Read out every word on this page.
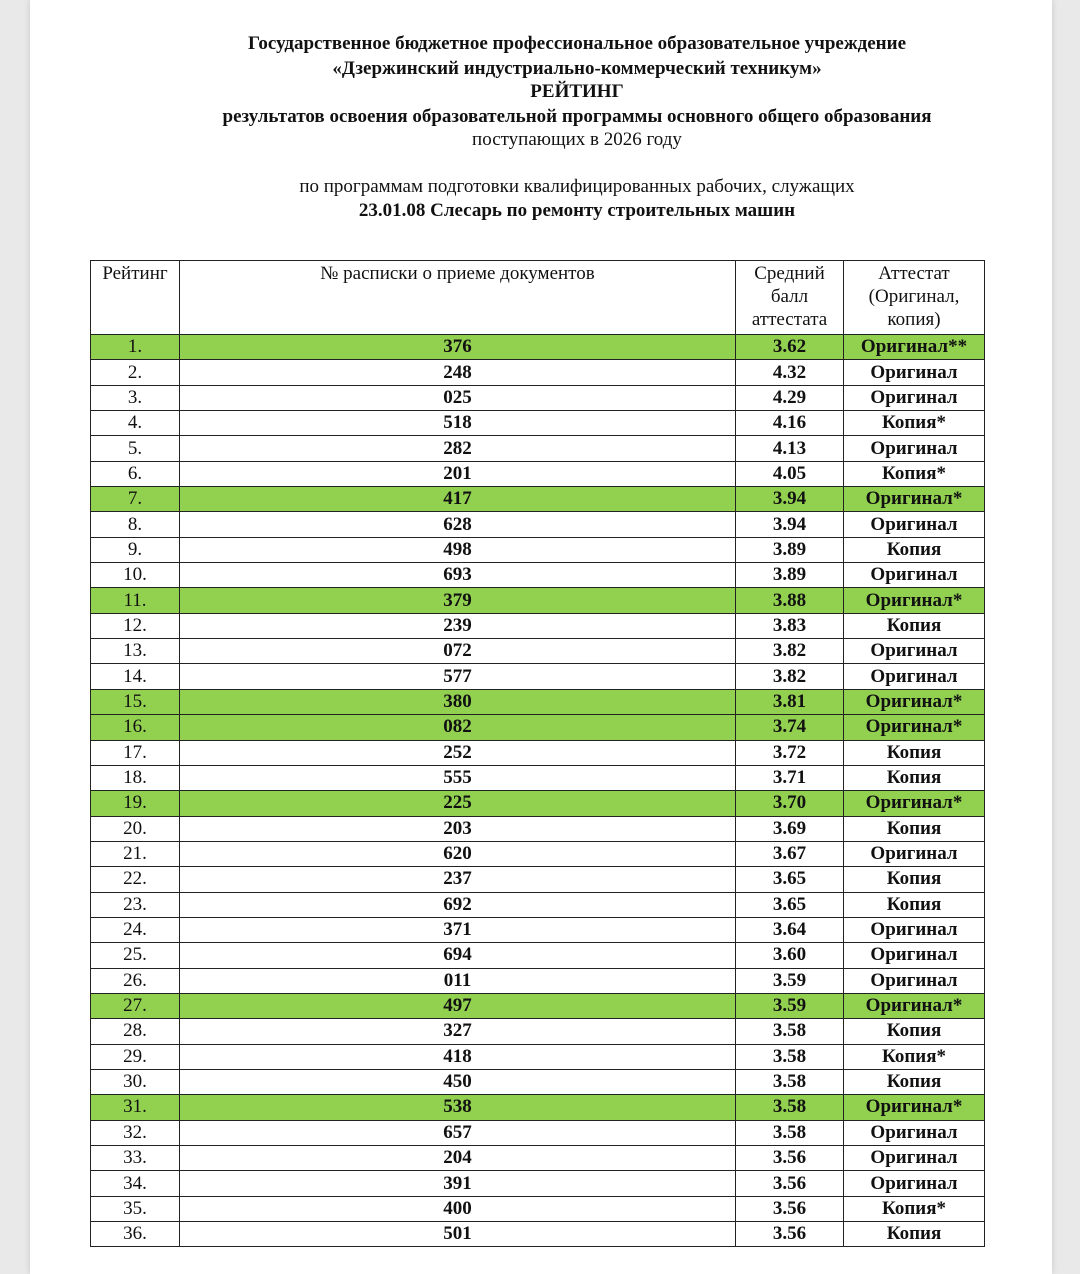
Государственное бюджетное профессиональное образовательное учреждение
«Дзержинский индустриально-коммерческий техникум»
РЕЙТИНГ
результатов освоения образовательной программы основного общего образования
поступающих в 2026 году
по программам подготовки квалифицированных рабочих, служащих
23.01.08 Слесарь по ремонту строительных машин
Рейтинг	№ расписки о приеме документов	Средний балл аттестата	Аттестат (Оригинал, копия)
1.	376	3.62	Оригинал**
2.	248	4.32	Оригинал
3.	025	4.29	Оригинал
4.	518	4.16	Копия*
5.	282	4.13	Оригинал
6.	201	4.05	Копия*
7.	417	3.94	Оригинал*
8.	628	3.94	Оригинал
9.	498	3.89	Копия
10.	693	3.89	Оригинал
11.	379	3.88	Оригинал*
12.	239	3.83	Копия
13.	072	3.82	Оригинал
14.	577	3.82	Оригинал
15.	380	3.81	Оригинал*
16.	082	3.74	Оригинал*
17.	252	3.72	Копия
18.	555	3.71	Копия
19.	225	3.70	Оригинал*
20.	203	3.69	Копия
21.	620	3.67	Оригинал
22.	237	3.65	Копия
23.	692	3.65	Копия
24.	371	3.64	Оригинал
25.	694	3.60	Оригинал
26.	011	3.59	Оригинал
27.	497	3.59	Оригинал*
28.	327	3.58	Копия
29.	418	3.58	Копия*
30.	450	3.58	Копия
31.	538	3.58	Оригинал*
32.	657	3.58	Оригинал
33.	204	3.56	Оригинал
34.	391	3.56	Оригинал
35.	400	3.56	Копия*
36.	501	3.56	Копия
